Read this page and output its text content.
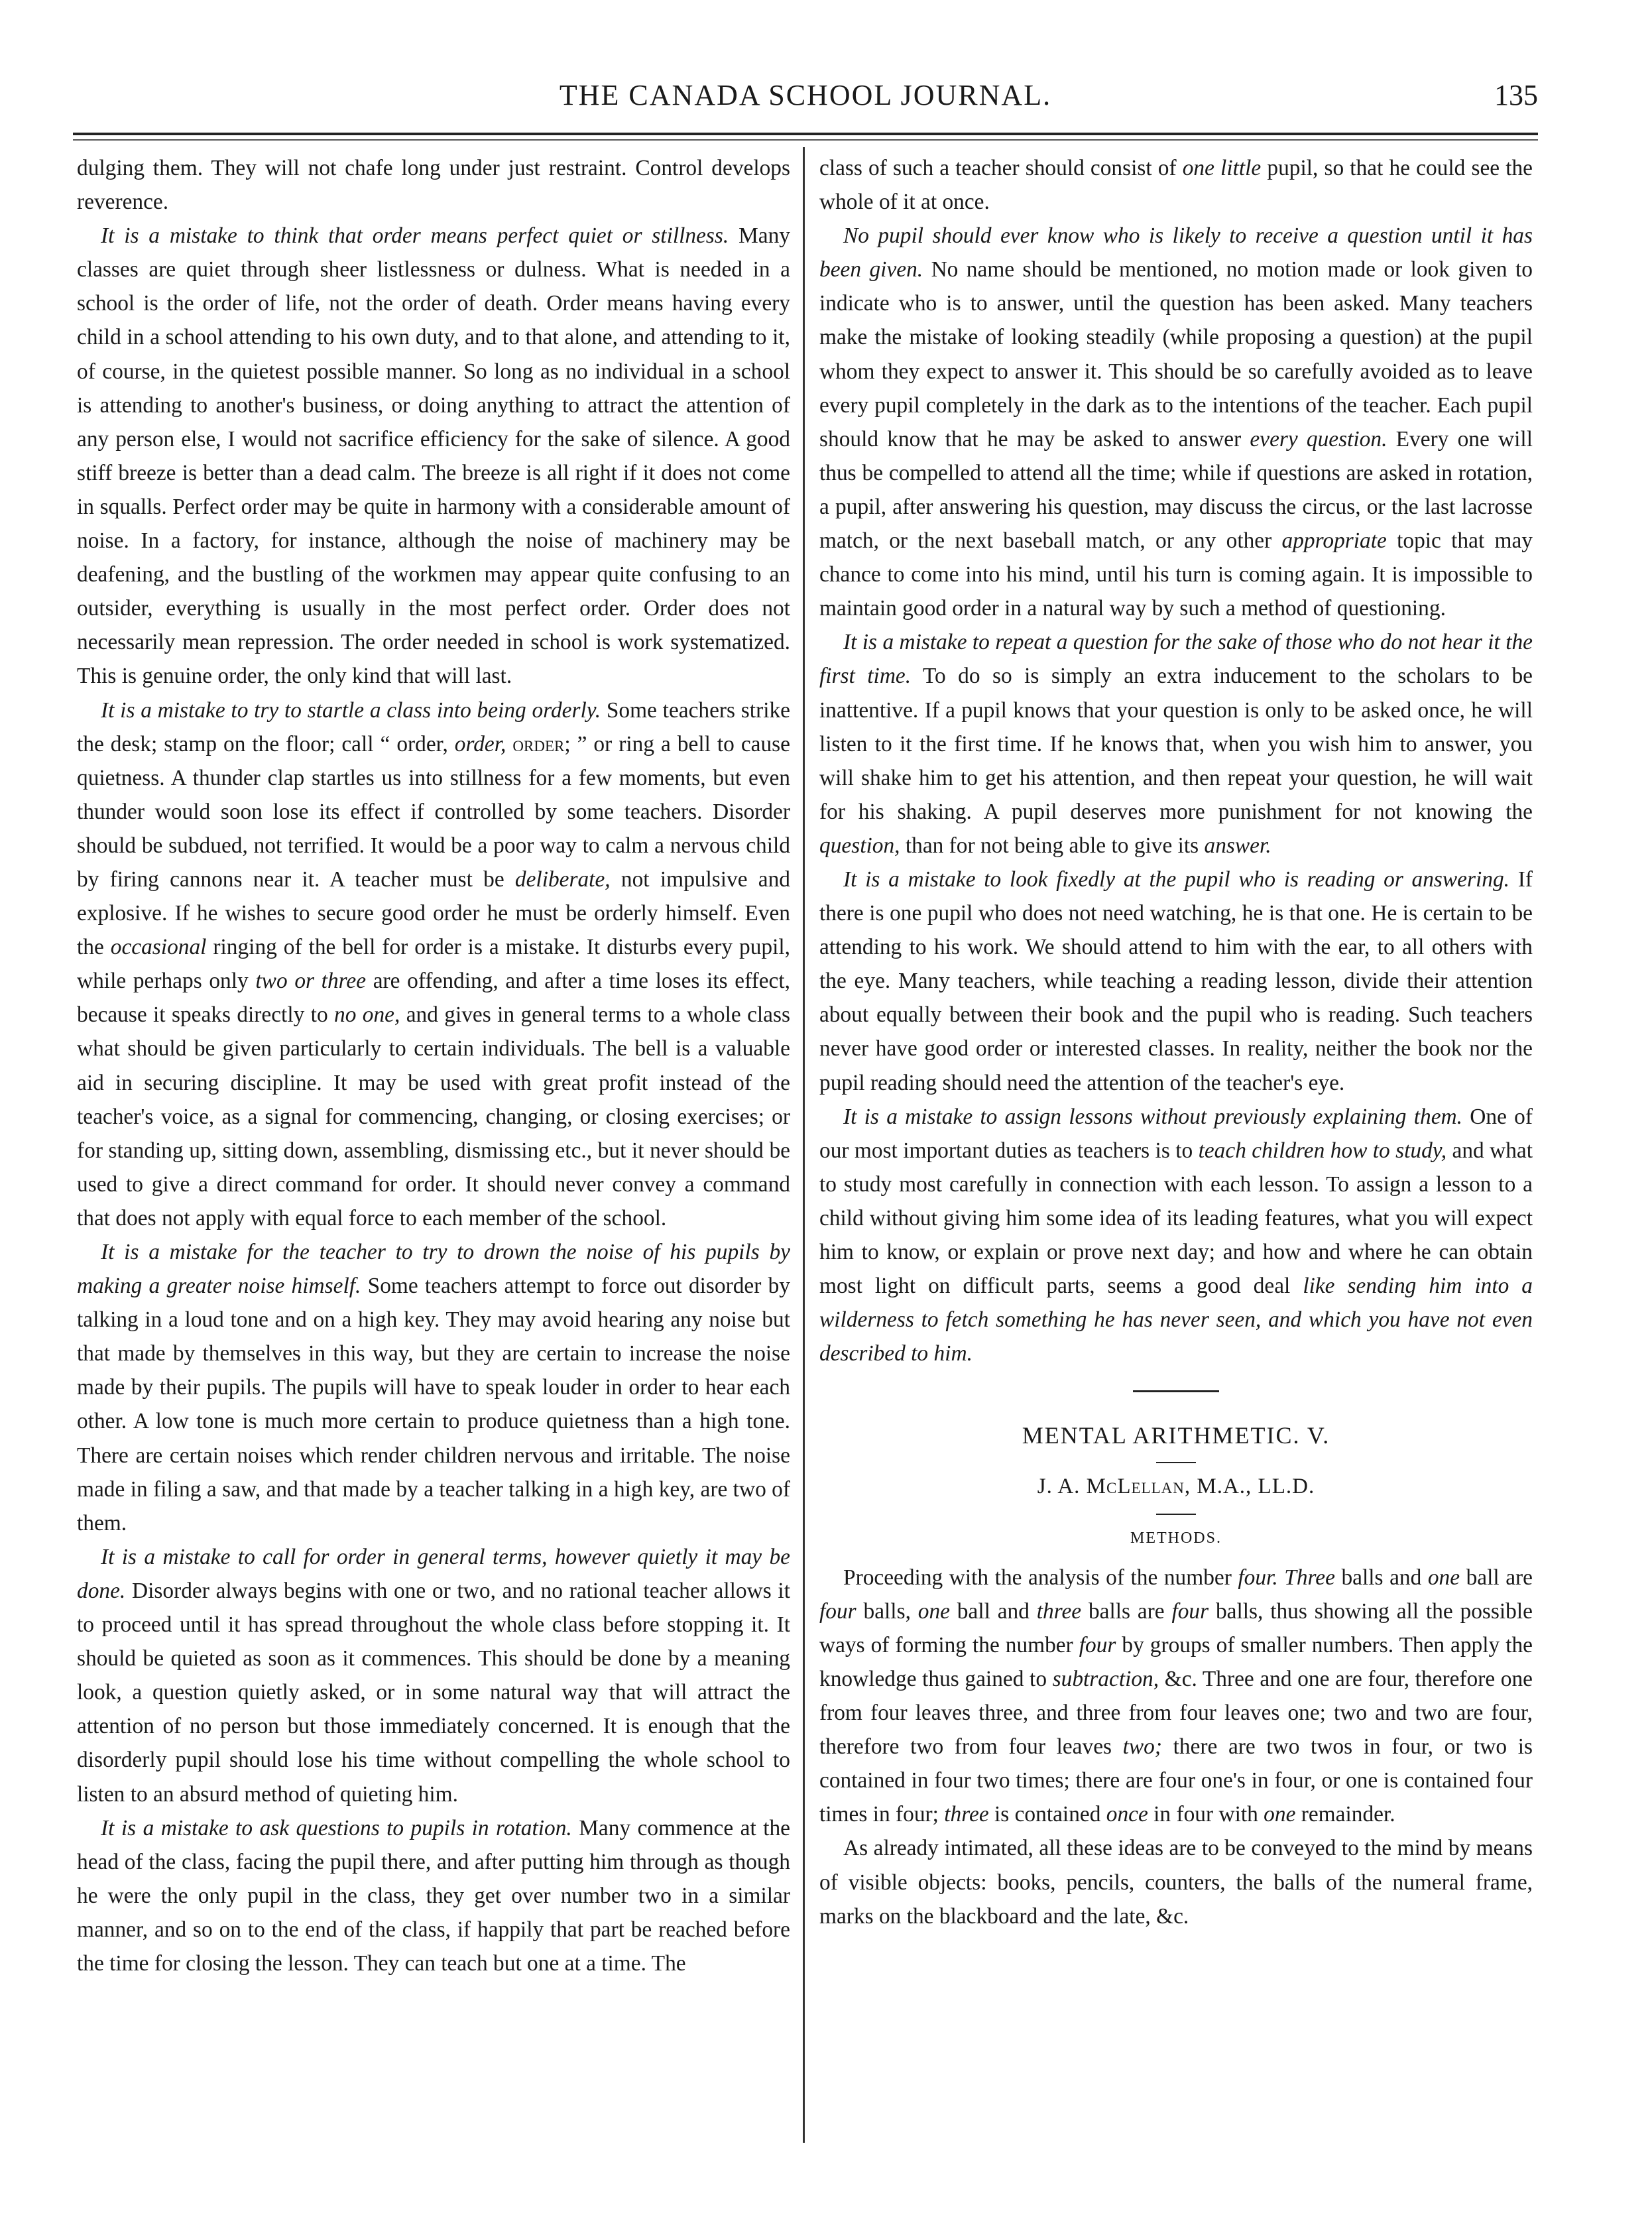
THE CANADA SCHOOL JOURNAL.	135

dulging them. They will not chafe long under just restraint. Control develops reverence.

It is a mistake to think that order means perfect quiet or stillness. Many classes are quiet through sheer listlessness or dulness. What is needed in a school is the order of life, not the order of death. Order means having every child in a school attending to his own duty, and to that alone, and attending to it, of course, in the quietest possible manner. So long as no individual in a school is attending to another's business, or doing anything to attract the attention of any person else, I would not sacrifice efficiency for the sake of silence. A good stiff breeze is better than a dead calm. The breeze is all right if it does not come in squalls. Perfect order may be quite in harmony with a considerable amount of noise. In a factory, for instance, although the noise of machinery may be deafening, and the bustling of the workmen may appear quite confusing to an outsider, everything is usually in the most perfect order. Order does not necessarily mean repression. The order needed in school is work systematized. This is genuine order, the only kind that will last.

It is a mistake to try to startle a class into being orderly. Some teachers strike the desk; stamp on the floor; call “ order, order, order; ” or ring a bell to cause quietness. A thunder clap startles us into stillness for a few moments, but even thunder would soon lose its effect if controlled by some teachers. Disorder should be subdued, not terrified. It would be a poor way to calm a nervous child by firing cannons near it. A teacher must be deliberate, not impulsive and explosive. If he wishes to secure good order he must be orderly himself. Even the occasional ringing of the bell for order is a mistake. It disturbs every pupil, while perhaps only two or three are offending, and after a time loses its effect, because it speaks directly to no one, and gives in general terms to a whole class what should be given particularly to certain individuals. The bell is a valuable aid in securing discipline. It may be used with great profit instead of the teacher's voice, as a signal for commencing, changing, or closing exercises; or for standing up, sitting down, assembling, dismissing etc., but it never should be used to give a direct command for order. It should never convey a command that does not apply with equal force to each member of the school.

It is a mistake for the teacher to try to drown the noise of his pupils by making a greater noise himself. Some teachers attempt to force out disorder by talking in a loud tone and on a high key. They may avoid hearing any noise but that made by themselves in this way, but they are certain to increase the noise made by their pupils. The pupils will have to speak louder in order to hear each other. A low tone is much more certain to produce quietness than a high tone. There are certain noises which render children nervous and irritable. The noise made in filing a saw, and that made by a teacher talking in a high key, are two of them.

It is a mistake to call for order in general terms, however quietly it may be done. Disorder always begins with one or two, and no rational teacher allows it to proceed until it has spread throughout the whole class before stopping it. It should be quieted as soon as it commences. This should be done by a meaning look, a question quietly asked, or in some natural way that will attract the attention of no person but those immediately concerned. It is enough that the disorderly pupil should lose his time without compelling the whole school to listen to an absurd method of quieting him.

It is a mistake to ask questions to pupils in rotation. Many commence at the head of the class, facing the pupil there, and after putting him through as though he were the only pupil in the class, they get over number two in a similar manner, and so on to the end of the class, if happily that part be reached before the time for closing the lesson. They can teach but one at a time. The

class of such a teacher should consist of one little pupil, so that he could see the whole of it at once.

No pupil should ever know who is likely to receive a question until it has been given. No name should be mentioned, no motion made or look given to indicate who is to answer, until the question has been asked. Many teachers make the mistake of looking steadily (while proposing a question) at the pupil whom they expect to answer it. This should be so carefully avoided as to leave every pupil completely in the dark as to the intentions of the teacher. Each pupil should know that he may be asked to answer every question. Every one will thus be compelled to attend all the time; while if questions are asked in rotation, a pupil, after answering his question, may discuss the circus, or the last lacrosse match, or the next baseball match, or any other appropriate topic that may chance to come into his mind, until his turn is coming again. It is impossible to maintain good order in a natural way by such a method of questioning.

It is a mistake to repeat a question for the sake of those who do not hear it the first time. To do so is simply an extra inducement to the scholars to be inattentive. If a pupil knows that your question is only to be asked once, he will listen to it the first time. If he knows that, when you wish him to answer, you will shake him to get his attention, and then repeat your question, he will wait for his shaking. A pupil deserves more punishment for not knowing the question, than for not being able to give its answer.

It is a mistake to look fixedly at the pupil who is reading or answering. If there is one pupil who does not need watching, he is that one. He is certain to be attending to his work. We should attend to him with the ear, to all others with the eye. Many teachers, while teaching a reading lesson, divide their attention about equally between their book and the pupil who is reading. Such teachers never have good order or interested classes. In reality, neither the book nor the pupil reading should need the attention of the teacher's eye.

It is a mistake to assign lessons without previously explaining them. One of our most important duties as teachers is to teach children how to study, and what to study most carefully in connection with each lesson. To assign a lesson to a child without giving him some idea of its leading features, what you will expect him to know, or explain or prove next day; and how and where he can obtain most light on difficult parts, seems a good deal like sending him into a wilderness to fetch something he has never seen, and which you have not even described to him.

MENTAL ARITHMETIC. V.

J. A. McLellan, M.A., LL.D.

METHODS.

Proceeding with the analysis of the number four. Three balls and one ball are four balls, one ball and three balls are four balls, thus showing all the possible ways of forming the number four by groups of smaller numbers. Then apply the knowledge thus gained to subtraction, &c. Three and one are four, therefore one from four leaves three, and three from four leaves one; two and two are four, therefore two from four leaves two; there are two twos in four, or two is contained in four two times; there are four one's in four, or one is contained four times in four; three is contained once in four with one remainder.

As already intimated, all these ideas are to be conveyed to the mind by means of visible objects: books, pencils, counters, the balls of the numeral frame, marks on the blackboard and the late, &c.
